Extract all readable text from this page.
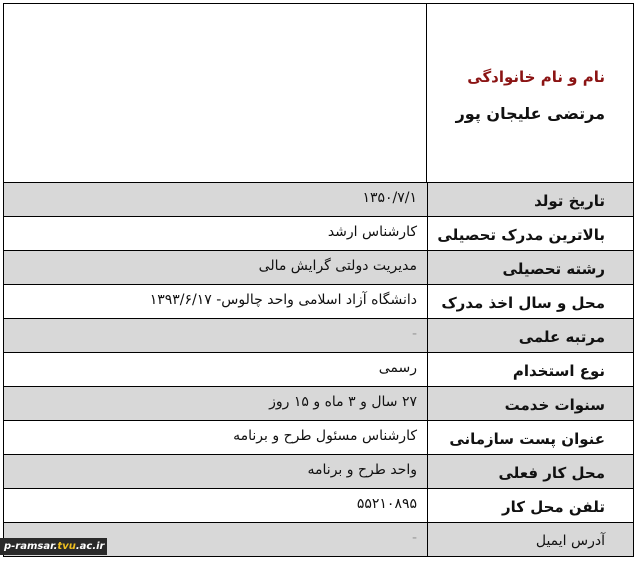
نام و نام خانوادگی
مرتضی علیجان پور
۱۳۵۰/۷/۱	تاریخ تولد
کارشناس ارشد	بالاترین مدرک تحصیلی
مدیریت دولتی گرایش مالی	رشته تحصیلی
دانشگاه آزاد اسلامی واحد چالوس- ۱۳۹۳/۶/۱۷	محل و سال اخذ مدرک
-	مرتبه علمی
رسمی	نوع استخدام
۲۷ سال و ۳ ماه و ۱۵ روز	سنوات خدمت
کارشناس مسئول طرح و برنامه	عنوان پست سازمانی
واحد طرح و برنامه	محل کار فعلی
۵۵۲۱۰۸۹۵	تلفن محل کار
-	آدرس ایمیل
p-ramsar.tvu.ac.ir
